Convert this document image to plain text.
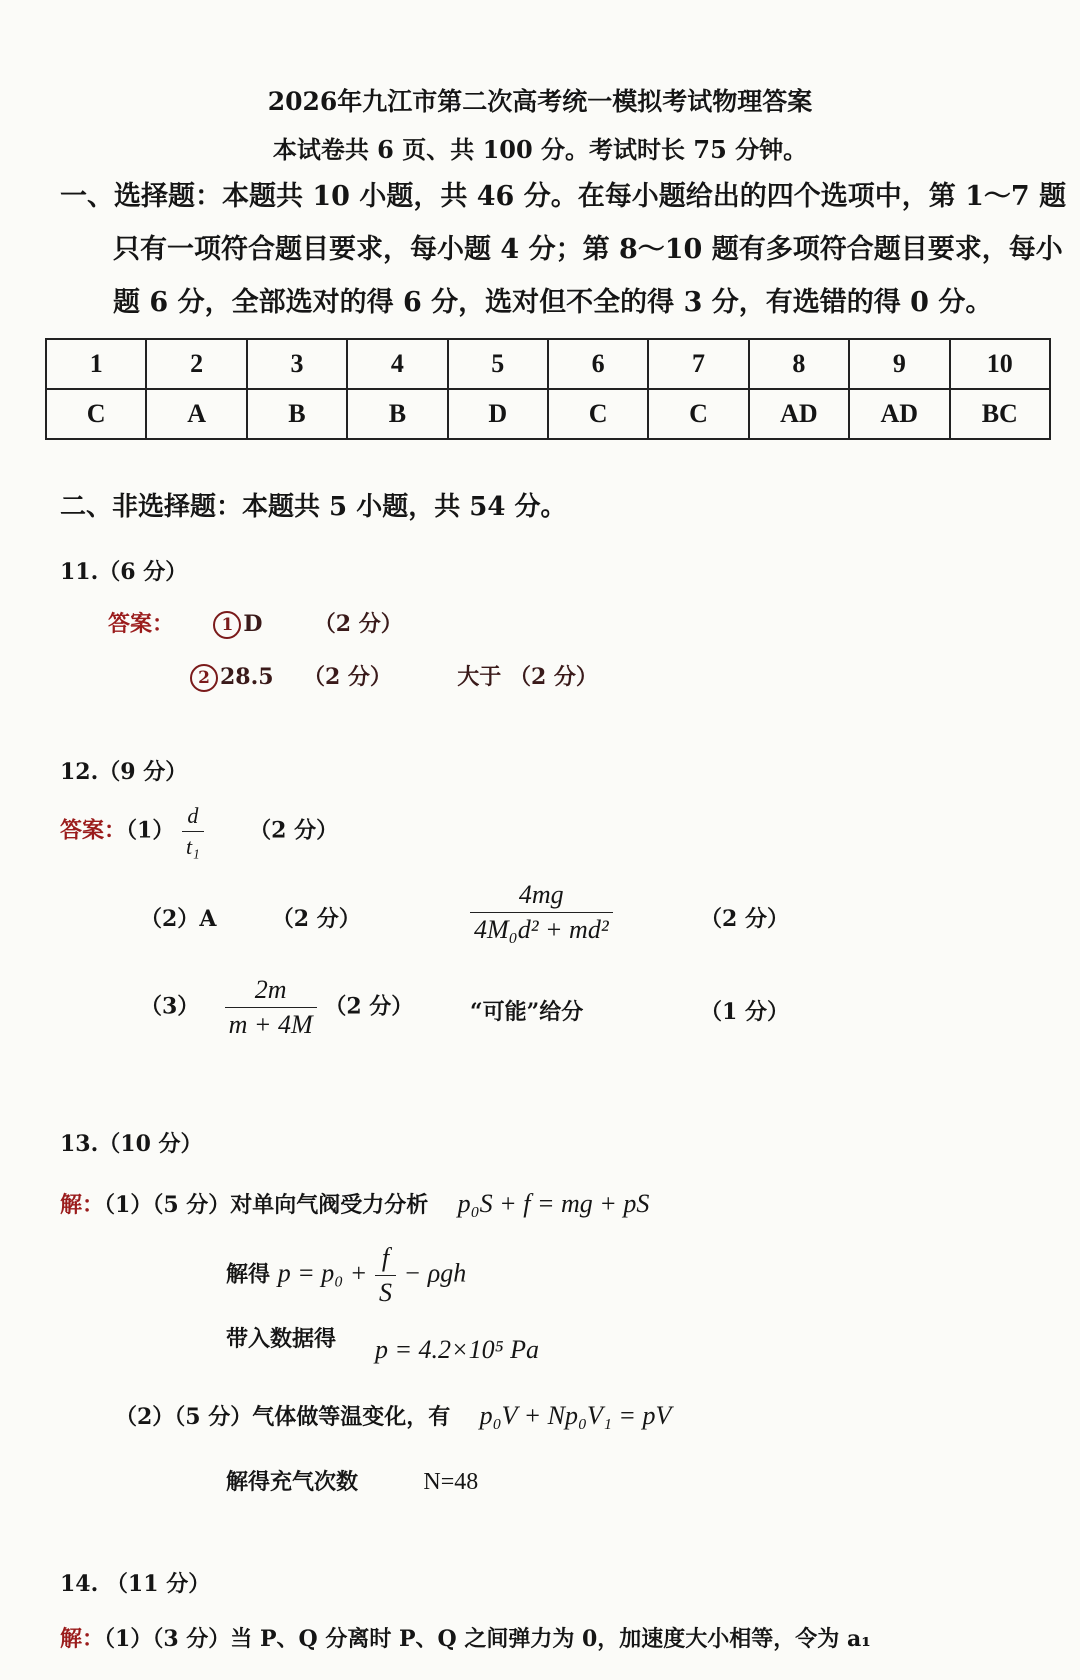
2026年九江市第二次高考统一模拟考试物理答案
本试卷共 6 页、共 100 分。考试时长 75 分钟。

一、选择题：本题共 10 小题，共 46 分。在每小题给出的四个选项中，第 1～7 题

只有一项符合题目要求，每小题 4 分；第 8～10 题有多项符合题目要求，每小

题 6 分，全部选对的得 6 分，选对但不全的得 3 分，有选错的得 0 分。

1	2	3	4	5	6	7	8	9	10
C	A	B	B	D	C	C	AD	AD	BC
二、非选择题：本题共 5 小题，共 54 分。
11.（6 分）
答案：	1 D （2 分）
2 28.5 （2 分）	大于 （2 分）
12.（9 分）
答案：$(1) \frac{d}{\text{t₁}} (2$ 分）
（2）A	（2 分）	$\frac{4mg}{\text{4M₀d² + md²}}$	（2 分）
$(3) \frac{2m}{m + 4M} (2$ 分）	“可能”给分	（1 分）
13.（10 分）
解：（1）（5 分）对单向气阀受力分析 p₀S + f = mg + pS
解得 $p = p_0 + \frac{f}{S} - \rho gh$
带入数据得 p = 4.2×10⁵ Pa
（2）（5 分）气体做等温变化，有 p₀V + Np₀V₁ = pV
解得充气次数	N=48
14. （11 分）
解：（1）（3 分）当 P、Q 分离时 P、Q 之间弹力为 0，加速度大小相等，令为 a₁
